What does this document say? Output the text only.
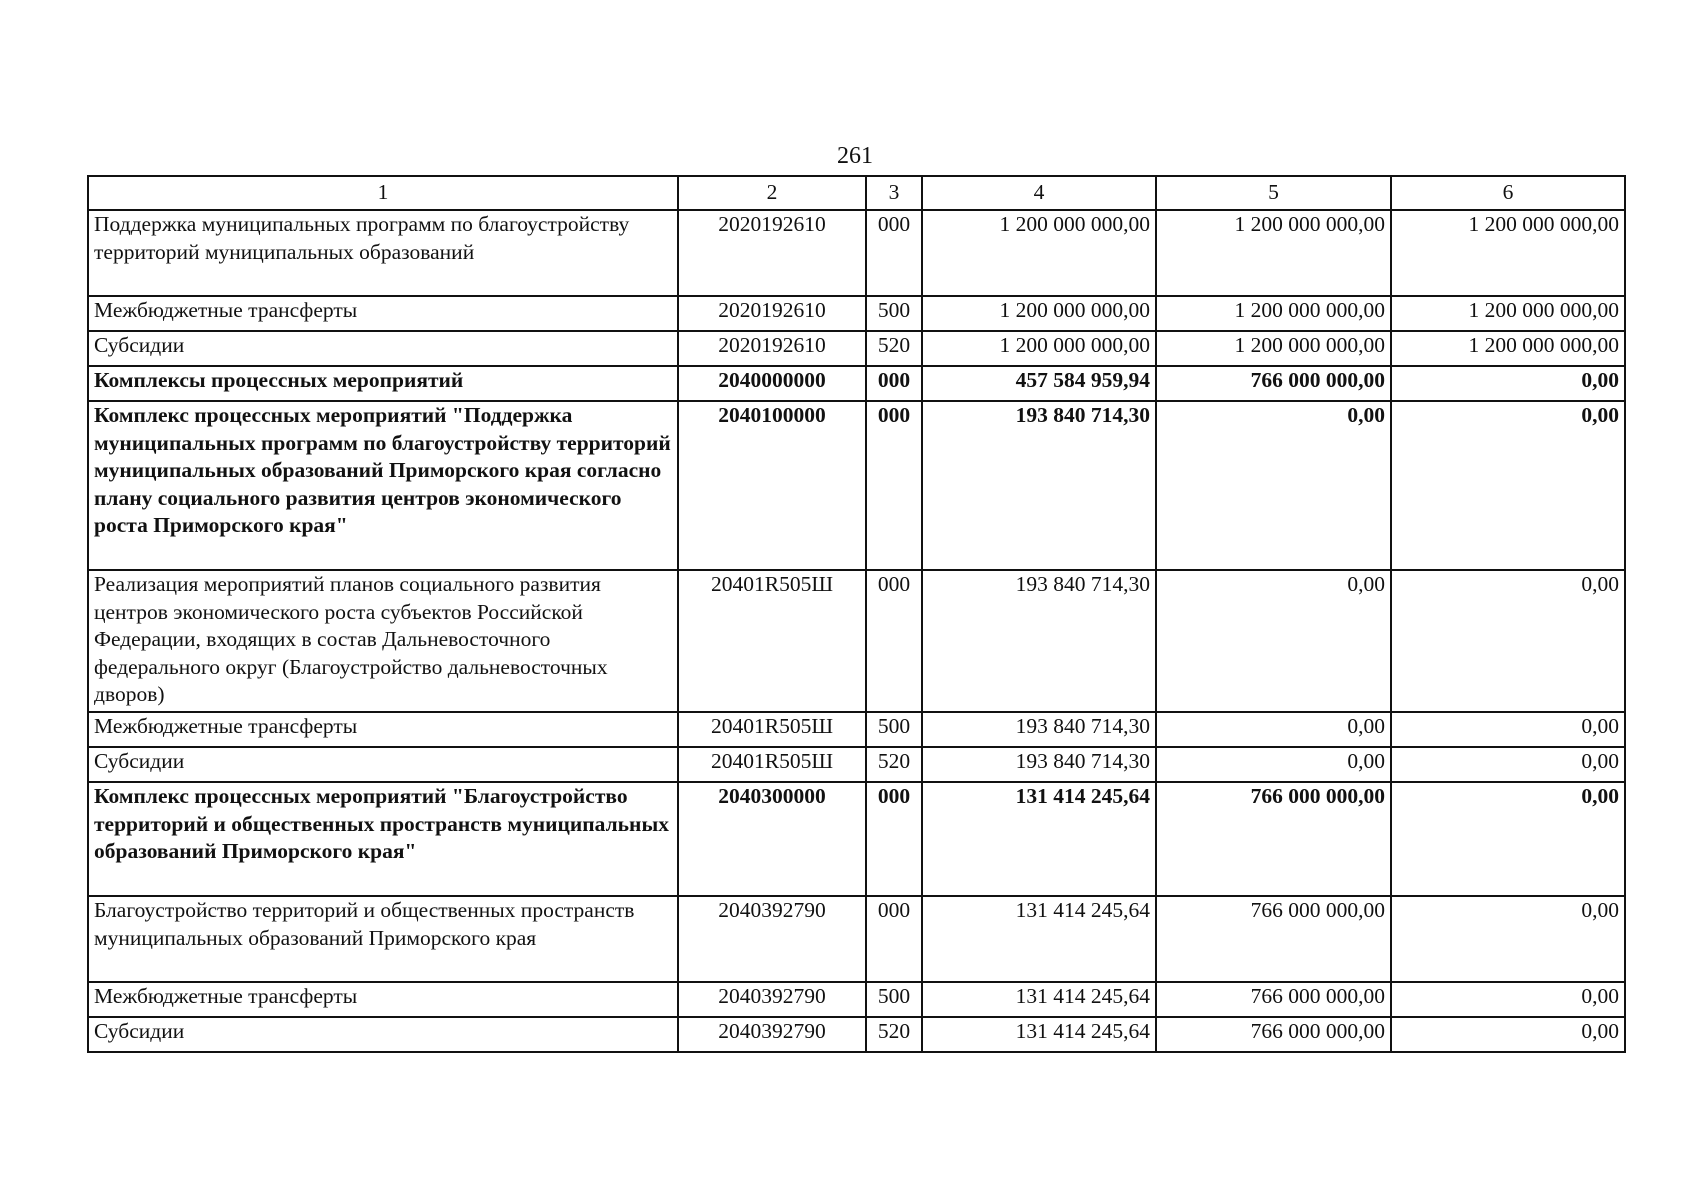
261
1	2	3	4	5	6
Поддержка муниципальных программ по благоустройству территорий муниципальных образований	2020192610	000	1 200 000 000,00	1 200 000 000,00	1 200 000 000,00
Межбюджетные трансферты	2020192610	500	1 200 000 000,00	1 200 000 000,00	1 200 000 000,00
Субсидии	2020192610	520	1 200 000 000,00	1 200 000 000,00	1 200 000 000,00
Комплексы процессных мероприятий	2040000000	000	457 584 959,94	766 000 000,00	0,00
Комплекс процессных мероприятий "Поддержка муниципальных программ по благоустройству территорий муниципальных образований Приморского края согласно плану социального развития центров экономического роста Приморского края"	2040100000	000	193 840 714,30	0,00	0,00
Реализация мероприятий планов социального развития центров экономического роста субъектов Российской Федерации, входящих в состав Дальневосточного федерального округ (Благоустройство дальневосточных дворов)	20401R505Ш	000	193 840 714,30	0,00	0,00
Межбюджетные трансферты	20401R505Ш	500	193 840 714,30	0,00	0,00
Субсидии	20401R505Ш	520	193 840 714,30	0,00	0,00
Комплекс процессных мероприятий "Благоустройство территорий и общественных пространств муниципальных образований Приморского края"	2040300000	000	131 414 245,64	766 000 000,00	0,00
Благоустройство территорий и общественных пространств муниципальных образований Приморского края	2040392790	000	131 414 245,64	766 000 000,00	0,00
Межбюджетные трансферты	2040392790	500	131 414 245,64	766 000 000,00	0,00
Субсидии	2040392790	520	131 414 245,64	766 000 000,00	0,00
